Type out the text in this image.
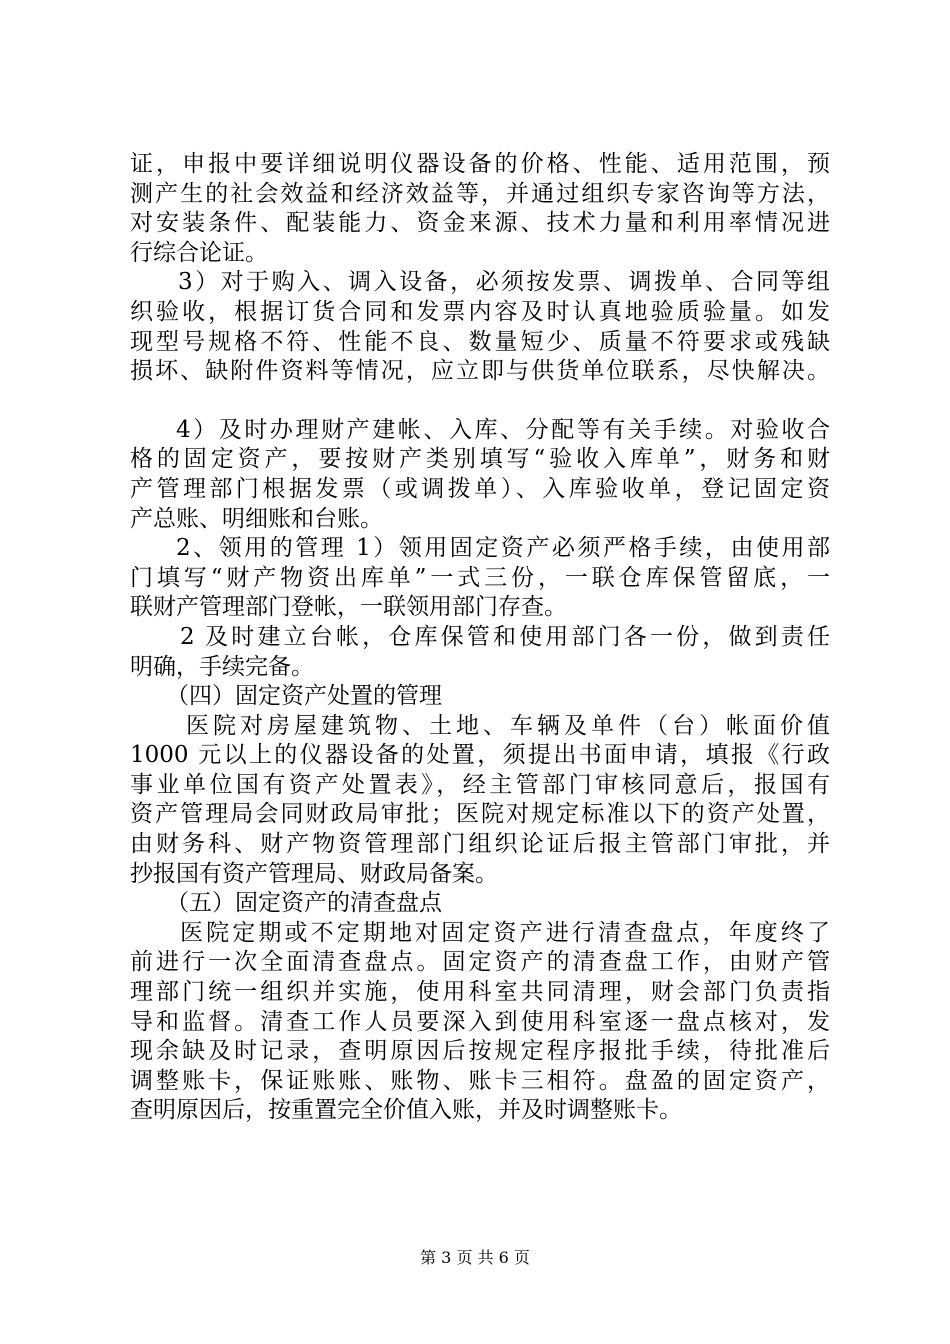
证，申报中要详细说明仪器设备的价格、性能、适用范围，预
测产生的社会效益和经济效益等，并通过组织专家咨询等方法，
对安装条件、配装能力、资金来源、技术力量和利用率情况进
行综合论证。
3）对于购入、调入设备，必须按发票、调拨单、合同等组
织验收，根据订货合同和发票内容及时认真地验质验量。如发
现型号规格不符、性能不良、数量短少、质量不符要求或残缺
损坏、缺附件资料等情况，应立即与供货单位联系，尽快解决。
4）及时办理财产建帐、入库、分配等有关手续。对验收合
格的固定资产，要按财产类别填写“验收入库单”，财务和财
产管理部门根据发票（或调拨单）、入库验收单，登记固定资
产总账、明细账和台账。
2、领用的管理 1）领用固定资产必须严格手续，由使用部
门填写“财产物资出库单”一式三份，一联仓库保管留底，一
联财产管理部门登帐，一联领用部门存查。
2 及时建立台帐，仓库保管和使用部门各一份，做到责任
明确，手续完备。
（四）固定资产处置的管理
医院对房屋建筑物、土地、车辆及单件（台）帐面价值
1000 元以上的仪器设备的处置，须提出书面申请，填报《行政
事业单位国有资产处置表》，经主管部门审核同意后，报国有
资产管理局会同财政局审批；医院对规定标准以下的资产处置，
由财务科、财产物资管理部门组织论证后报主管部门审批，并
抄报国有资产管理局、财政局备案。
（五）固定资产的清查盘点
医院定期或不定期地对固定资产进行清查盘点，年度终了
前进行一次全面清查盘点。固定资产的清查盘工作，由财产管
理部门统一组织并实施，使用科室共同清理，财会部门负责指
导和监督。清查工作人员要深入到使用科室逐一盘点核对，发
现余缺及时记录，查明原因后按规定程序报批手续，待批准后
调整账卡，保证账账、账物、账卡三相符。盘盈的固定资产，
查明原因后，按重置完全价值入账，并及时调整账卡。
第 3 页 共 6 页
